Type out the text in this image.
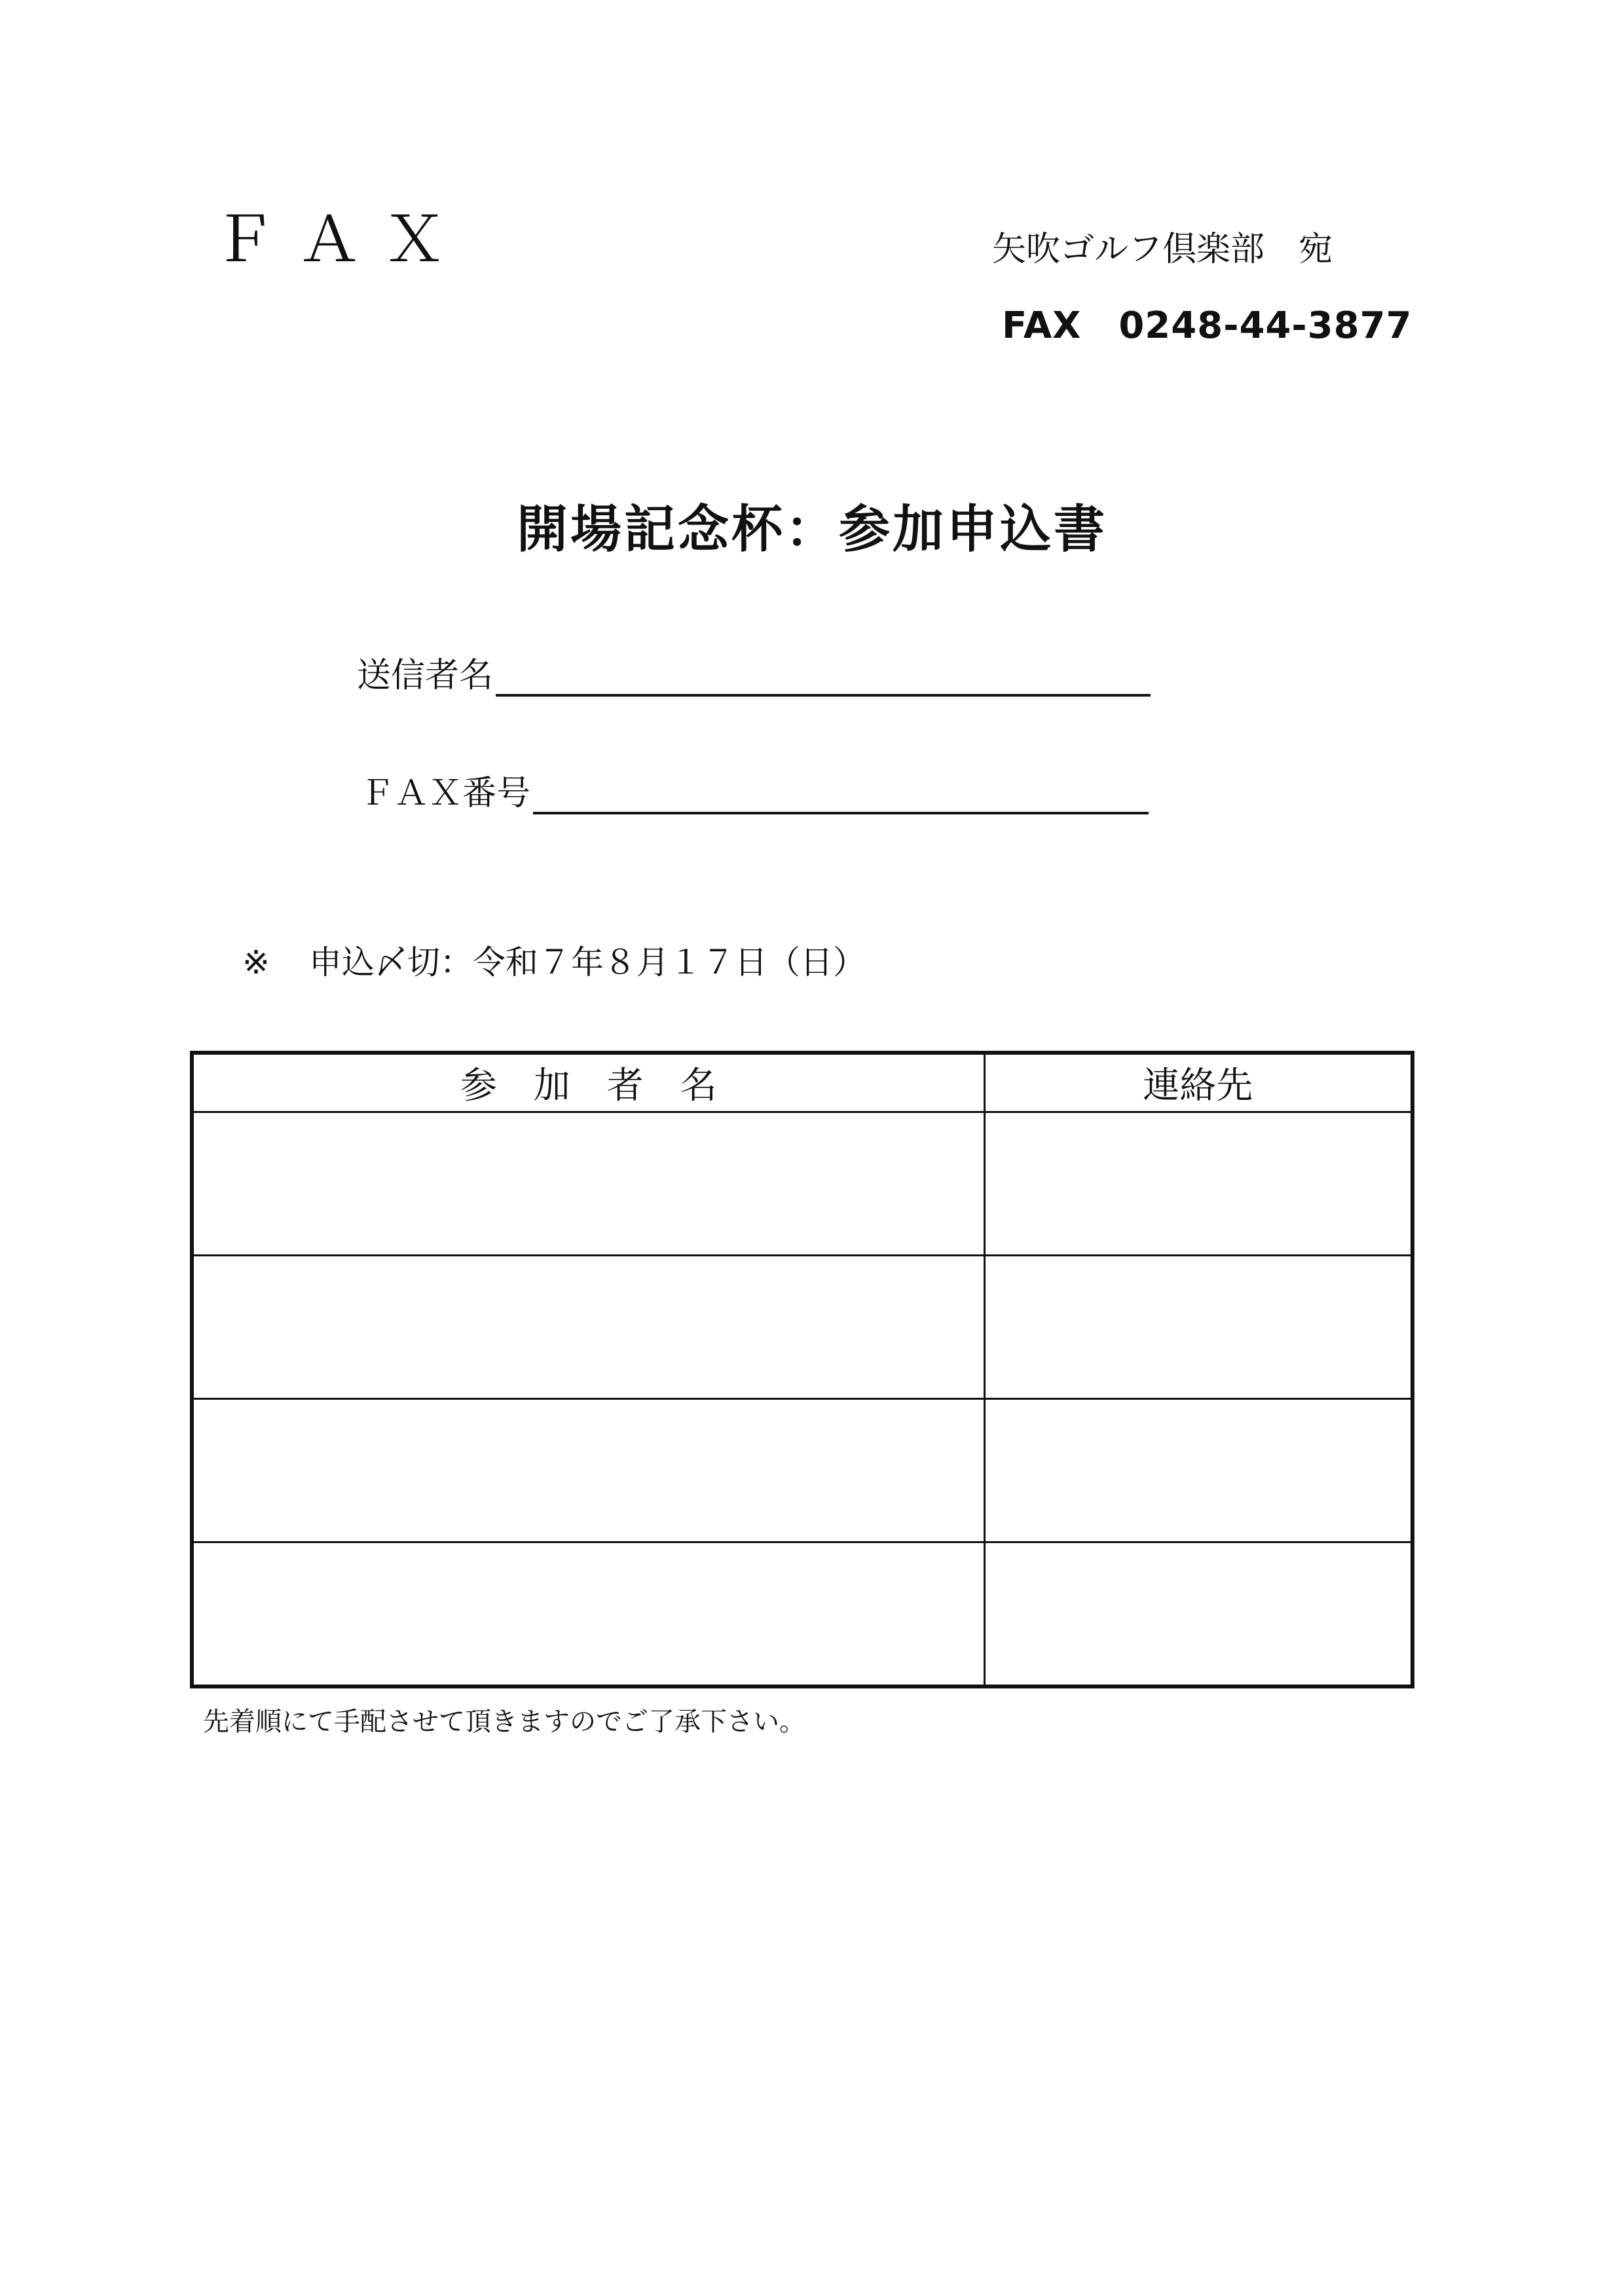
ＦＡＸ	矢吹ゴルフ倶楽部　宛
FAX　0248-44-3877
開場記念杯：参加申込書
送信者名
ＦＡＸ番号
※ 申込〆切：令和７年８月１７日（日）
参　加　者　名	連絡先

先着順にて手配させて頂きますのでご了承下さい。
